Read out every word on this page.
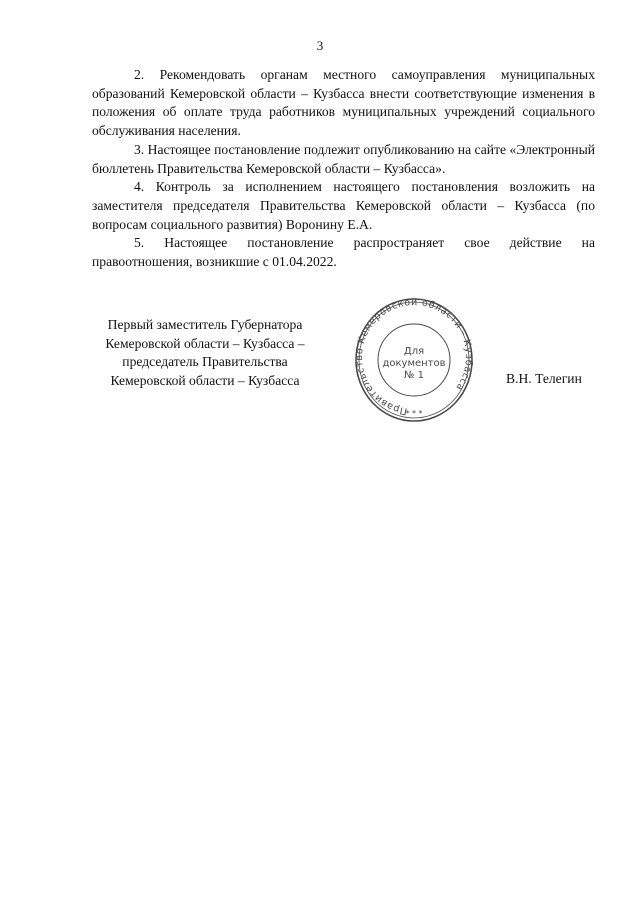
3

2. Рекомендовать органам местного самоуправления муниципальных образований Кемеровской области – Кузбасса внести соответствующие изменения в положения об оплате труда работников муниципальных учреждений социального обслуживания населения.

3. Настоящее постановление подлежит опубликованию на сайте «Электронный бюллетень Правительства Кемеровской области – Кузбасса».

4. Контроль за исполнением настоящего постановления возложить на заместителя председателя Правительства Кемеровской области – Кузбасса (по вопросам социального развития) Воронину Е.А.

5. Настоящее постановление распространяет свое действие на правоотношения, возникшие с 01.04.2022.

Первый заместитель Губернатора
Кемеровской области – Кузбасса –
председатель Правительства
Кемеровской области – Кузбасса	В.Н. Телегин
Правительство Кемеровской области – Кузбасса
* * *
Для
документов
№ 1
